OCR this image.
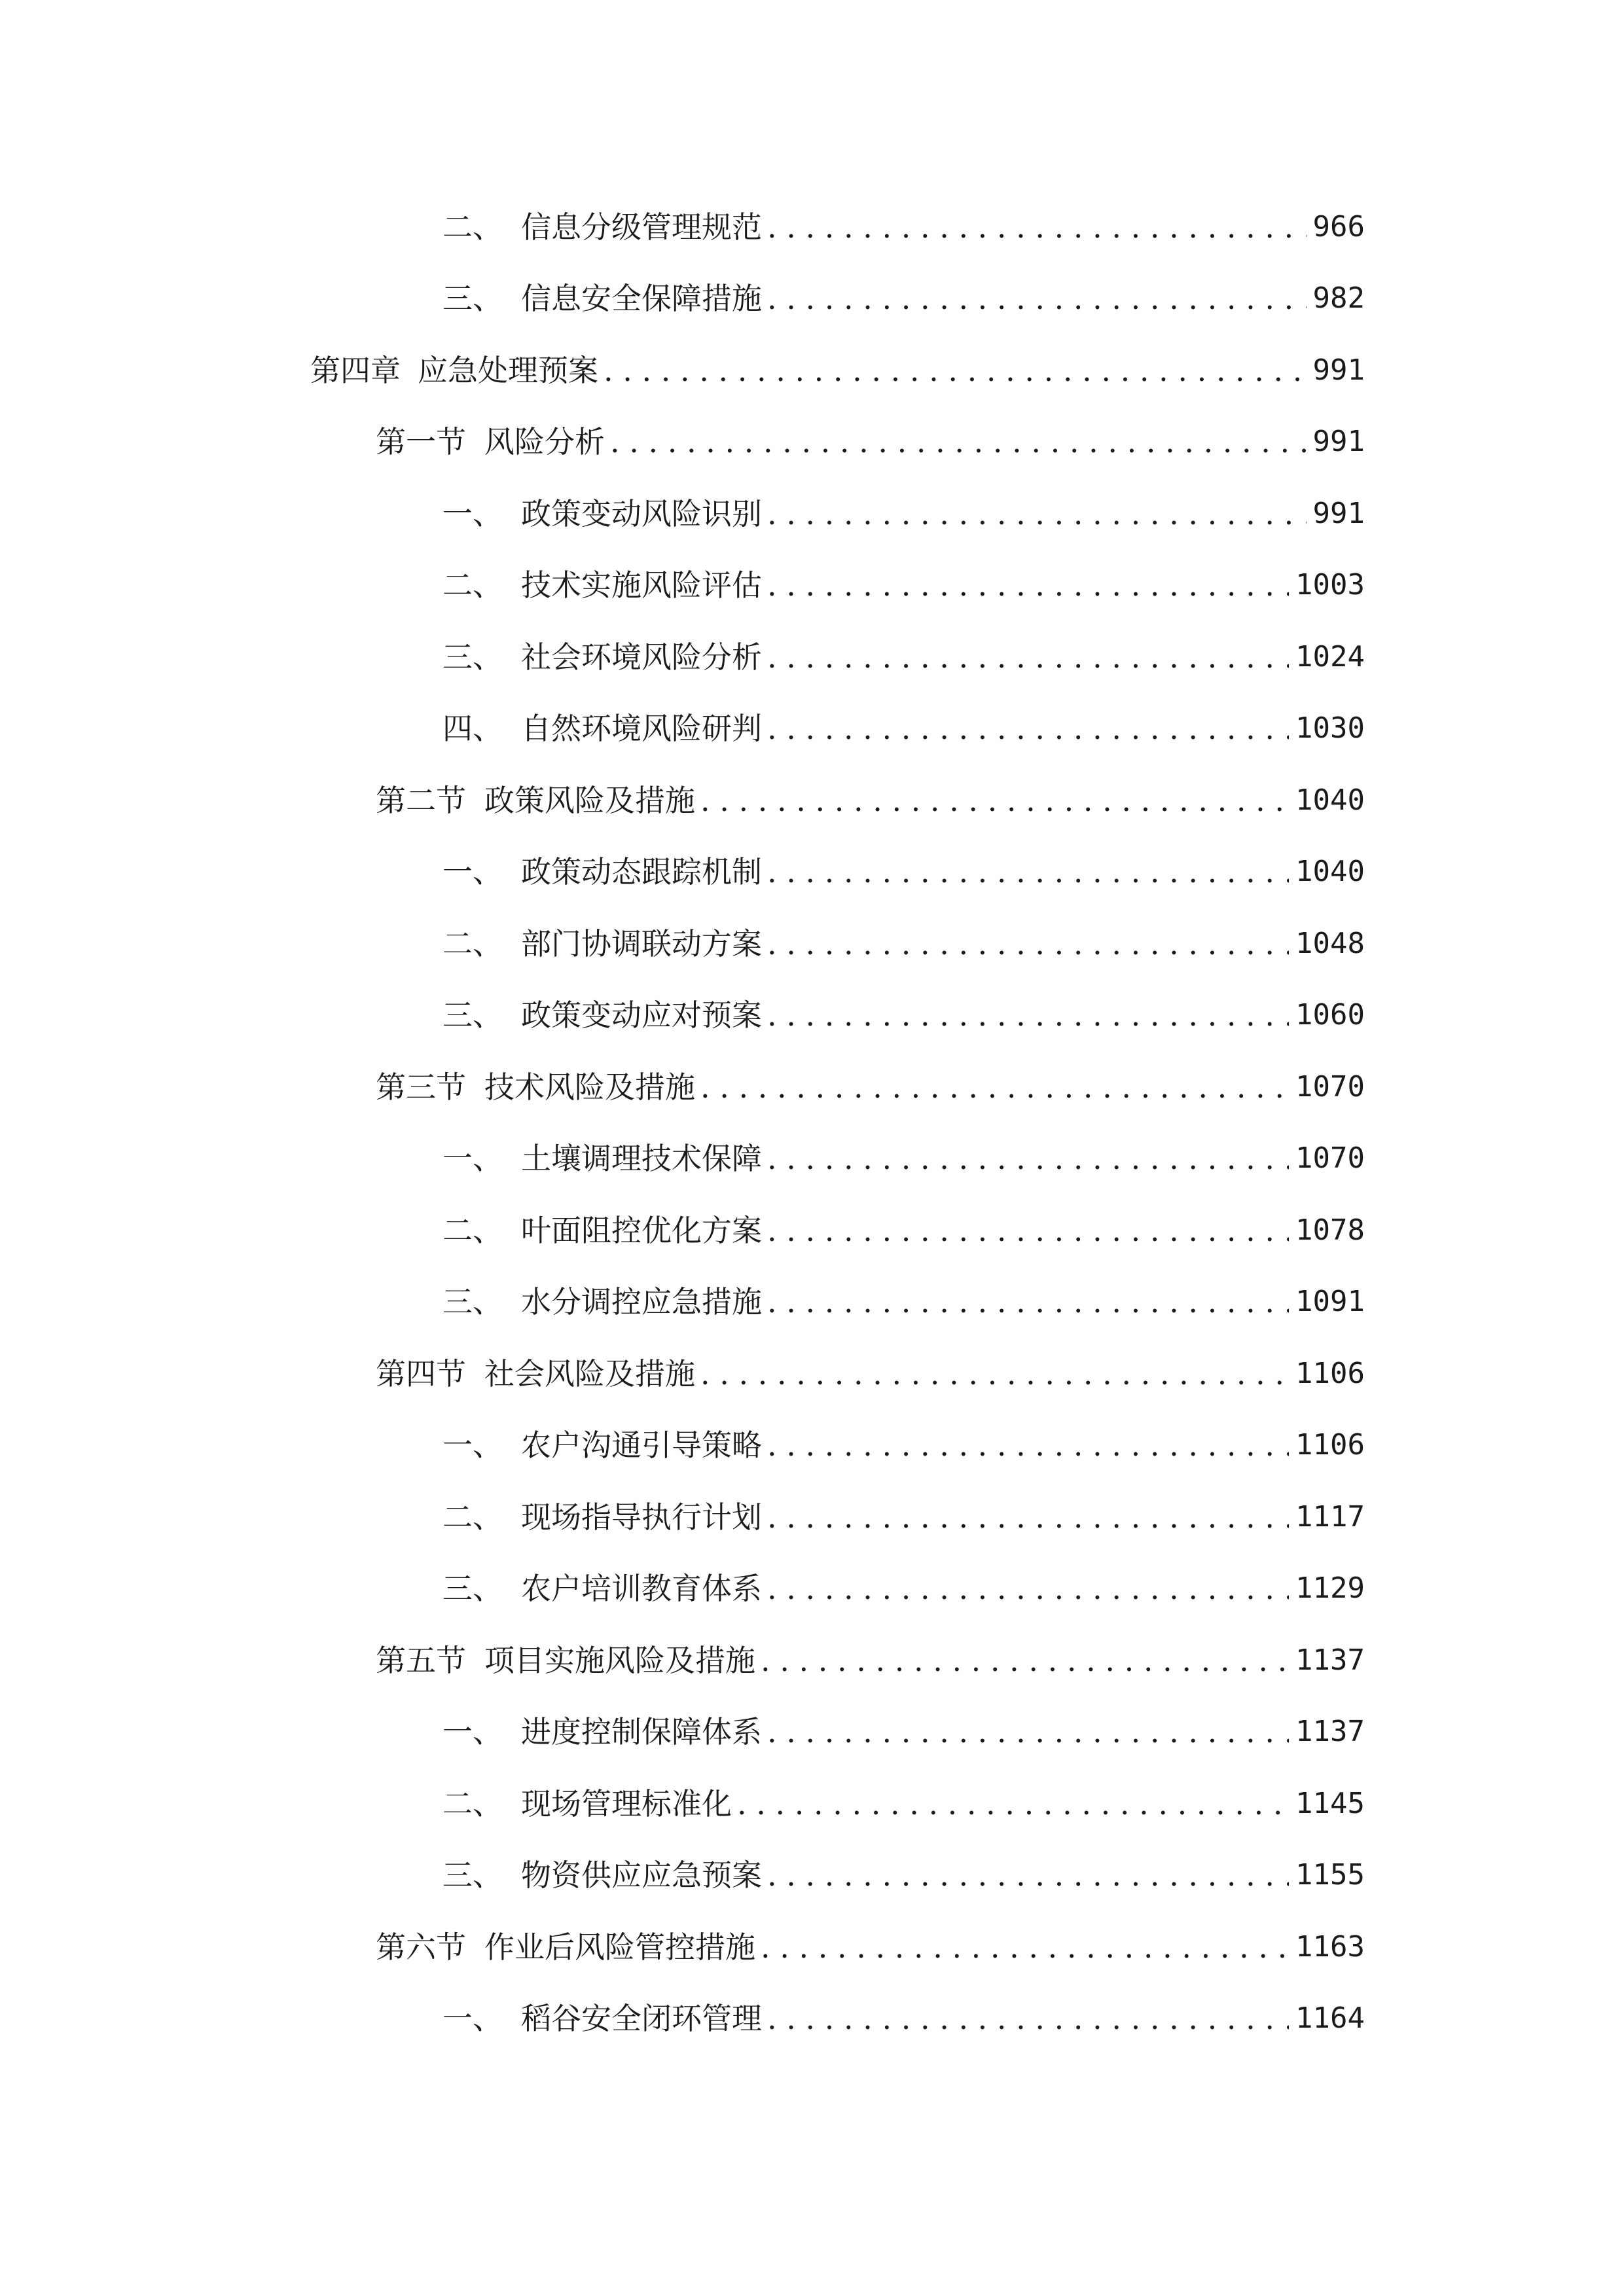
二、 信息分级管理规范 . . .	966
三、 信息安全保障措施 . . .	982
第四章 应急处理预案 . . .	991
第一节 风险分析 . . .	991
一、 政策变动风险识别 . . .	991
二、 技术实施风险评估 . . .	1003
三、 社会环境风险分析 . . .	1024
四、 自然环境风险研判 . . .	1030
第二节 政策风险及措施 . . .	1040
一、 政策动态跟踪机制 . . .	1040
二、 部门协调联动方案 . . .	1048
三、 政策变动应对预案 . . .	1060
第三节 技术风险及措施 . . .	1070
一、 土壤调理技术保障 . . .	1070
二、 叶面阻控优化方案 . . .	1078
三、 水分调控应急措施 . . .	1091
第四节 社会风险及措施 . . .	1106
一、 农户沟通引导策略 . . .	1106
二、 现场指导执行计划 . . .	1117
三、 农户培训教育体系 . . .	1129
第五节 项目实施风险及措施 . . .	1137
一、 进度控制保障体系 . . .	1137
二、 现场管理标准化 . . .	1145
三、 物资供应应急预案 . . .	1155
第六节 作业后风险管控措施 . . .	1163
一、 稻谷安全闭环管理 . . .	1164
